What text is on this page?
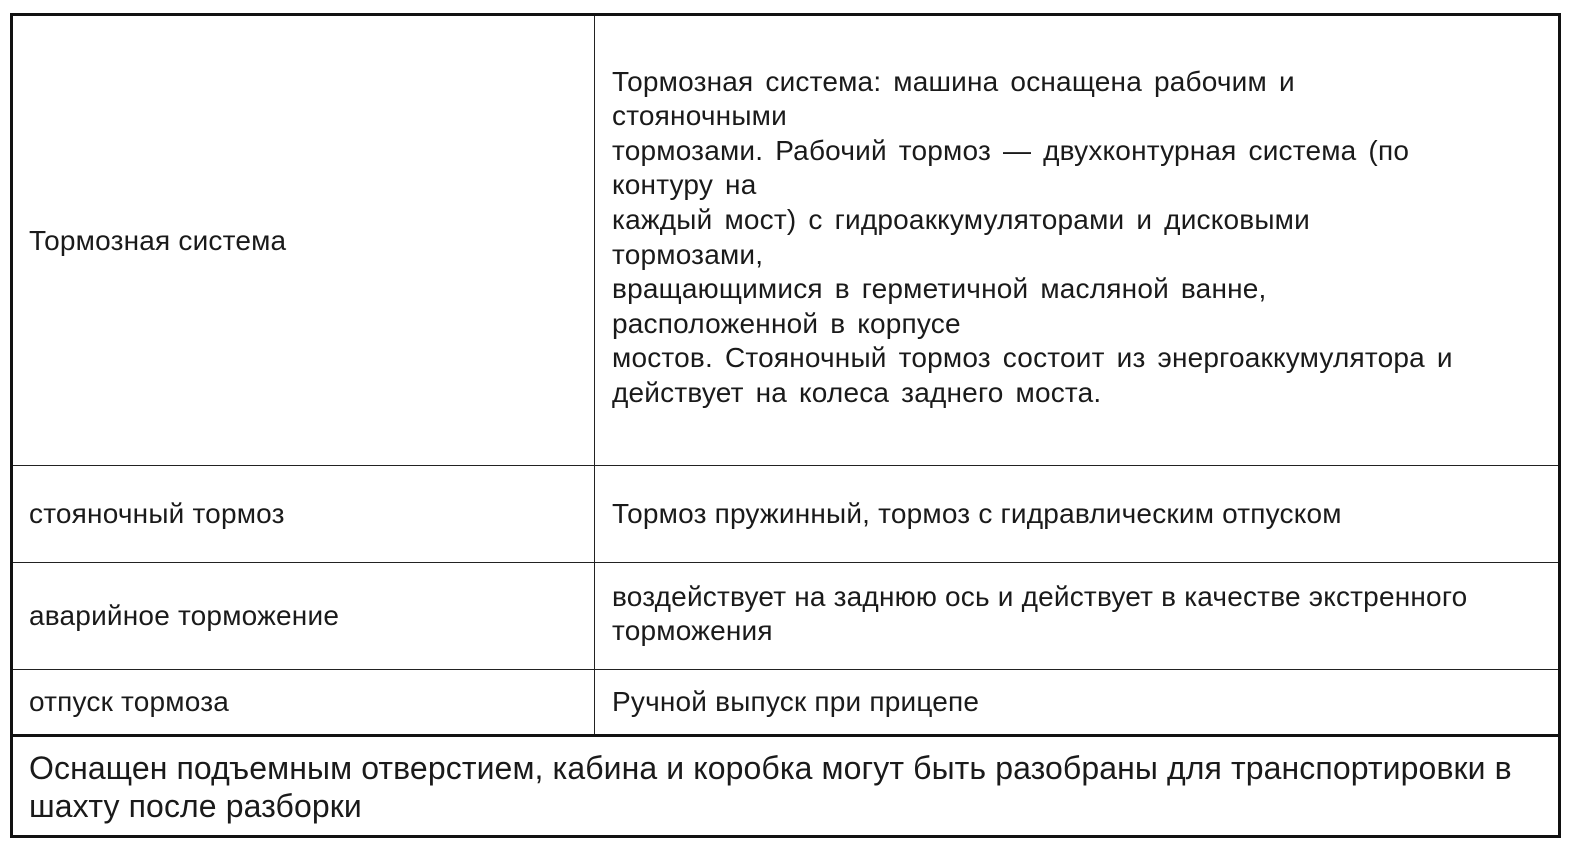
Тормозная система
Тормозная система: машина оснащена рабочим и
стояночными
тормозами. Рабочий тормоз — двухконтурная система (по
контуру на
каждый мост) с гидроаккумуляторами и дисковыми
тормозами,
вращающимися в герметичной масляной ванне,
расположенной в корпусе
мостов. Стояночный тормоз состоит из энергоаккумулятора и
действует на колеса заднего моста.
стояночный тормоз	Тормоз пружинный, тормоз с гидравлическим отпуском
аварийное торможение
воздействует на заднюю ось и действует в качестве экстренного торможения
отпуск тормоза	Ручной выпуск при прицепе
Оснащен подъемным отверстием, кабина и коробка могут быть разобраны для транспортировки в шахту после разборки
